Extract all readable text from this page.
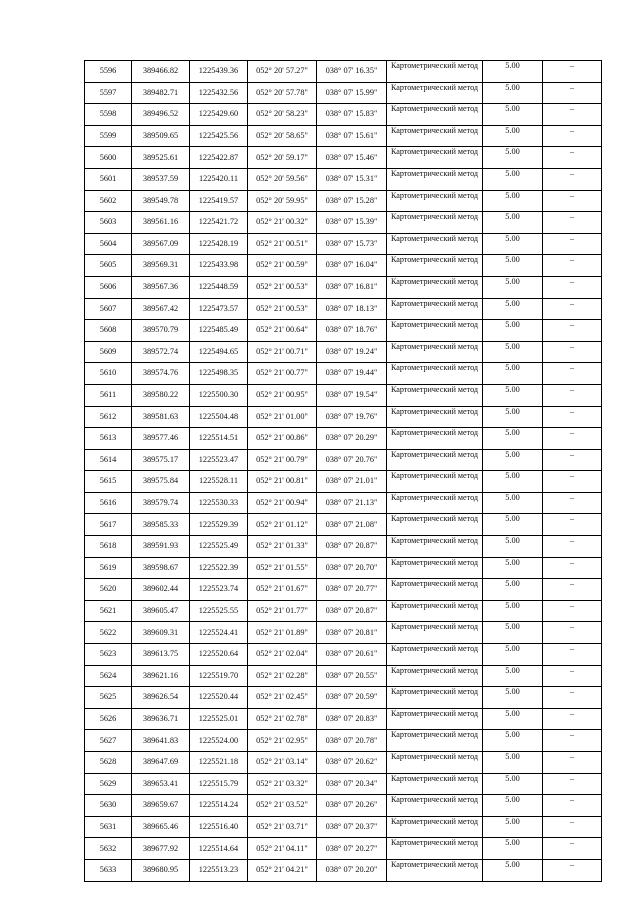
5596	389466.82	1225439.36	052° 20' 57.27"	038° 07' 16.35"	Картометрический метод	5.00	–
5597	389482.71	1225432.56	052° 20' 57.78"	038° 07' 15.99"	Картометрический метод	5.00	–
5598	389496.52	1225429.60	052° 20' 58.23"	038° 07' 15.83"	Картометрический метод	5.00	–
5599	389509.65	1225425.56	052° 20' 58.65"	038° 07' 15.61"	Картометрический метод	5.00	–
5600	389525.61	1225422.87	052° 20' 59.17"	038° 07' 15.46"	Картометрический метод	5.00	–
5601	389537.59	1225420.11	052° 20' 59.56"	038° 07' 15.31"	Картометрический метод	5.00	–
5602	389549.78	1225419.57	052° 20' 59.95"	038° 07' 15.28"	Картометрический метод	5.00	–
5603	389561.16	1225421.72	052° 21' 00.32"	038° 07' 15.39"	Картометрический метод	5.00	–
5604	389567.09	1225428.19	052° 21' 00.51"	038° 07' 15.73"	Картометрический метод	5.00	–
5605	389569.31	1225433.98	052° 21' 00.59"	038° 07' 16.04"	Картометрический метод	5.00	–
5606	389567.36	1225448.59	052° 21' 00.53"	038° 07' 16.81"	Картометрический метод	5.00	–
5607	389567.42	1225473.57	052° 21' 00.53"	038° 07' 18.13"	Картометрический метод	5.00	–
5608	389570.79	1225485.49	052° 21' 00.64"	038° 07' 18.76"	Картометрический метод	5.00	–
5609	389572.74	1225494.65	052° 21' 00.71"	038° 07' 19.24"	Картометрический метод	5.00	–
5610	389574.76	1225498.35	052° 21' 00.77"	038° 07' 19.44"	Картометрический метод	5.00	–
5611	389580.22	1225500.30	052° 21' 00.95"	038° 07' 19.54"	Картометрический метод	5.00	–
5612	389581.63	1225504.48	052° 21' 01.00"	038° 07' 19.76"	Картометрический метод	5.00	–
5613	389577.46	1225514.51	052° 21' 00.86"	038° 07' 20.29"	Картометрический метод	5.00	–
5614	389575.17	1225523.47	052° 21' 00.79"	038° 07' 20.76"	Картометрический метод	5.00	–
5615	389575.84	1225528.11	052° 21' 00.81"	038° 07' 21.01"	Картометрический метод	5.00	–
5616	389579.74	1225530.33	052° 21' 00.94"	038° 07' 21.13"	Картометрический метод	5.00	–
5617	389585.33	1225529.39	052° 21' 01.12"	038° 07' 21.08"	Картометрический метод	5.00	–
5618	389591.93	1225525.49	052° 21' 01.33"	038° 07' 20.87"	Картометрический метод	5.00	–
5619	389598.67	1225522.39	052° 21' 01.55"	038° 07' 20.70"	Картометрический метод	5.00	–
5620	389602.44	1225523.74	052° 21' 01.67"	038° 07' 20.77"	Картометрический метод	5.00	–
5621	389605.47	1225525.55	052° 21' 01.77"	038° 07' 20.87"	Картометрический метод	5.00	–
5622	389609.31	1225524.41	052° 21' 01.89"	038° 07' 20.81"	Картометрический метод	5.00	–
5623	389613.75	1225520.64	052° 21' 02.04"	038° 07' 20.61"	Картометрический метод	5.00	–
5624	389621.16	1225519.70	052° 21' 02.28"	038° 07' 20.55"	Картометрический метод	5.00	–
5625	389626.54	1225520.44	052° 21' 02.45"	038° 07' 20.59"	Картометрический метод	5.00	–
5626	389636.71	1225525.01	052° 21' 02.78"	038° 07' 20.83"	Картометрический метод	5.00	–
5627	389641.83	1225524.00	052° 21' 02.95"	038° 07' 20.78"	Картометрический метод	5.00	–
5628	389647.69	1225521.18	052° 21' 03.14"	038° 07' 20.62"	Картометрический метод	5.00	–
5629	389653.41	1225515.79	052° 21' 03.32"	038° 07' 20.34"	Картометрический метод	5.00	–
5630	389659.67	1225514.24	052° 21' 03.52"	038° 07' 20.26"	Картометрический метод	5.00	–
5631	389665.46	1225516.40	052° 21' 03.71"	038° 07' 20.37"	Картометрический метод	5.00	–
5632	389677.92	1225514.64	052° 21' 04.11"	038° 07' 20.27"	Картометрический метод	5.00	–
5633	389680.95	1225513.23	052° 21' 04.21"	038° 07' 20.20"	Картометрический метод	5.00	–
